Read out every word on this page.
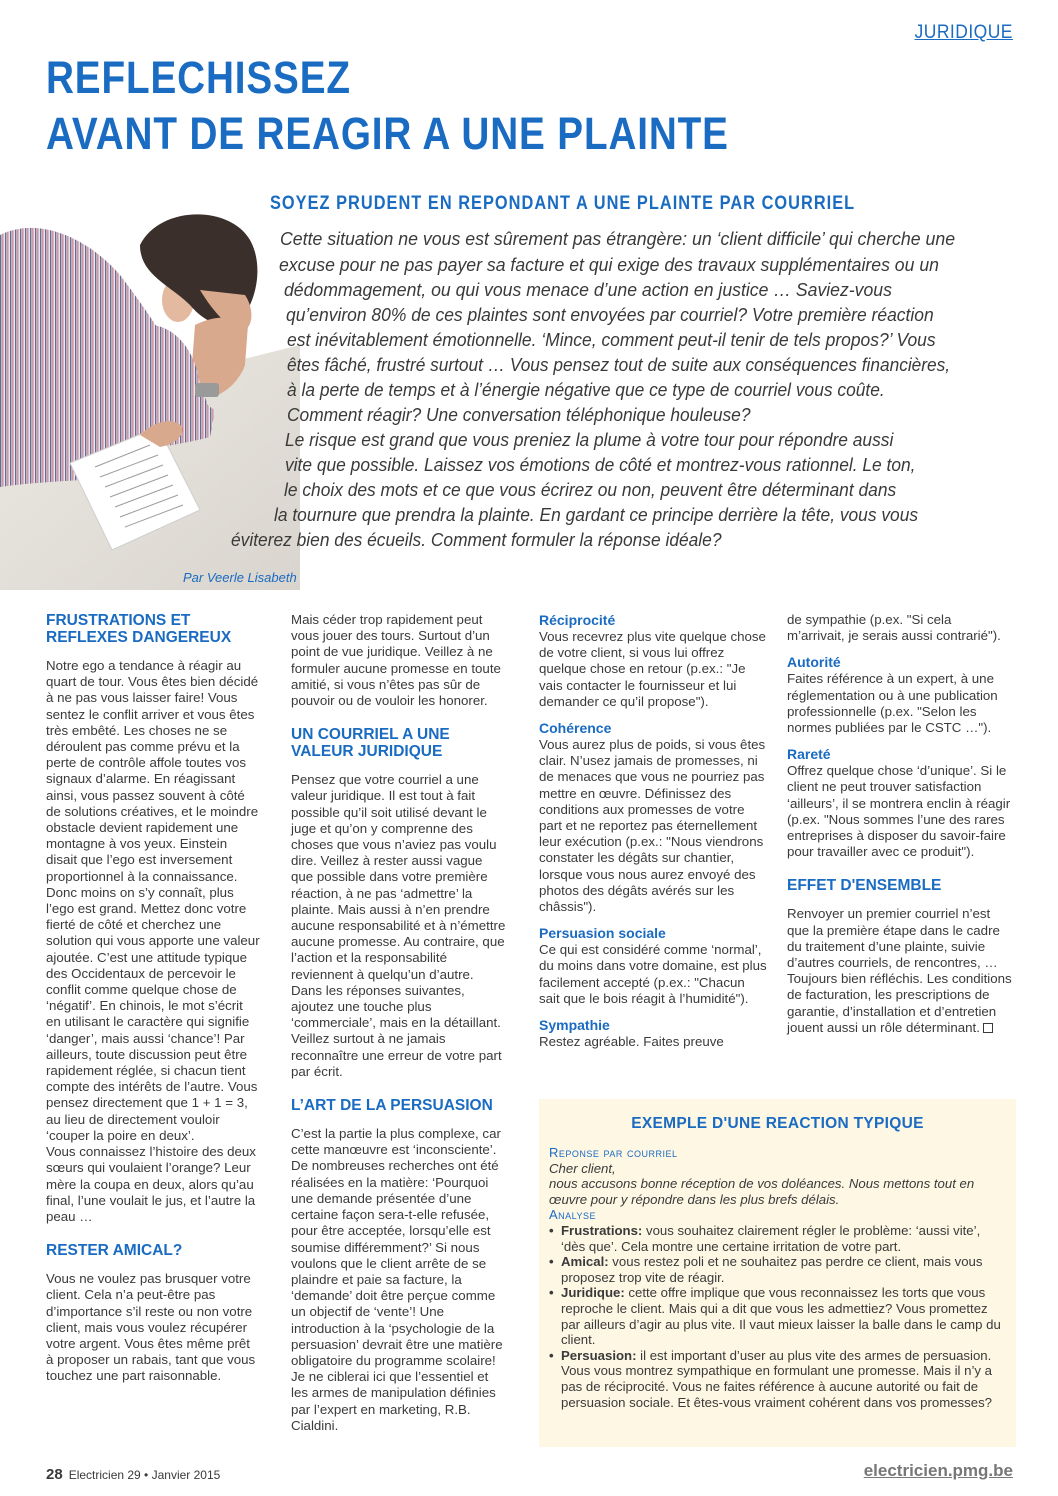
JURIDIQUE
REFLECHISSEZ
AVANT DE REAGIR A UNE PLAINTE
SOYEZ PRUDENT EN REPONDANT A UNE PLAINTE PAR COURRIEL
Cette situation ne vous est sûrement pas étrangère: un ‘client difficile’ qui cherche une
excuse pour ne pas payer sa facture et qui exige des travaux supplémentaires ou un
dédommagement, ou qui vous menace d’une action en justice … Saviez-vous
qu’environ 80% de ces plaintes sont envoyées par courriel? Votre première réaction
est inévitablement émotionnelle. ‘Mince, comment peut-il tenir de tels propos?’ Vous
êtes fâché, frustré surtout … Vous pensez tout de suite aux conséquences financières,
à la perte de temps et à l’énergie négative que ce type de courriel vous coûte.
Comment réagir? Une conversation téléphonique houleuse?
Le risque est grand que vous preniez la plume à votre tour pour répondre aussi
vite que possible. Laissez vos émotions de côté et montrez-vous rationnel. Le ton,
le choix des mots et ce que vous écrirez ou non, peuvent être déterminant dans
la tournure que prendra la plainte. En gardant ce principe derrière la tête, vous vous
éviterez bien des écueils. Comment formuler la réponse idéale?
Par Veerle Lisabeth
FRUSTRATIONS ET REFLEXES DANGEREUX

Notre ego a tendance à réagir au quart de tour. Vous êtes bien décidé à ne pas vous laisser faire! Vous sentez le conflit arriver et vous êtes très embêté. Les choses ne se déroulent pas comme prévu et la perte de contrôle affole toutes vos signaux d’alarme. En réagissant ainsi, vous passez souvent à côté de solutions créatives, et le moindre obstacle devient rapidement une montagne à vos yeux. Einstein disait que l’ego est inversement proportionnel à la connaissance. Donc moins on s’y connaît, plus l’ego est grand. Mettez donc votre fierté de côté et cherchez une solution qui vous apporte une valeur ajoutée. C’est une attitude typique des Occidentaux de percevoir le conflit comme quelque chose de ‘négatif’. En chinois, le mot s’écrit en utilisant le caractère qui signifie ‘danger’, mais aussi ‘chance’! Par ailleurs, toute discussion peut être rapidement réglée, si chacun tient compte des intérêts de l’autre. Vous pensez directement que 1 + 1 = 3, au lieu de directement vouloir ‘couper la poire en deux’.

Vous connaissez l’histoire des deux sœurs qui voulaient l’orange? Leur mère la coupa en deux, alors qu’au final, l’une voulait le jus, et l’autre la peau …

RESTER AMICAL?

Vous ne voulez pas brusquer votre client. Cela n’a peut-être pas d’importance s’il reste ou non votre client, mais vous voulez récupérer votre argent. Vous êtes même prêt à proposer un rabais, tant que vous touchez une part raisonnable.

Mais céder trop rapidement peut vous jouer des tours. Surtout d’un point de vue juridique. Veillez à ne formuler aucune promesse en toute amitié, si vous n’êtes pas sûr de pouvoir ou de vouloir les honorer.

UN COURRIEL A UNE VALEUR JURIDIQUE

Pensez que votre courriel a une valeur juridique. Il est tout à fait possible qu’il soit utilisé devant le juge et qu’on y comprenne des choses que vous n’aviez pas voulu dire. Veillez à rester aussi vague que possible dans votre première réaction, à ne pas ‘admettre’ la plainte. Mais aussi à n’en prendre aucune responsabilité et à n’émettre aucune promesse. Au contraire, que l’action et la responsabilité reviennent à quelqu’un d’autre.

Dans les réponses suivantes, ajoutez une touche plus ‘commerciale’, mais en la détaillant. Veillez surtout à ne jamais reconnaître une erreur de votre part par écrit.

L’ART DE LA PERSUASION

C’est la partie la plus complexe, car cette manœuvre est ‘inconsciente’. De nombreuses recherches ont été réalisées en la matière: ‘Pourquoi une demande présentée d’une certaine façon sera-t-elle refusée, pour être acceptée, lorsqu’elle est soumise différemment?’ Si nous voulons que le client arrête de se plaindre et paie sa facture, la ‘demande’ doit être perçue comme un objectif de ‘vente’! Une introduction à la ‘psychologie de la persuasion’ devrait être une matière obligatoire du programme scolaire! Je ne ciblerai ici que l’essentiel et les armes de manipulation définies par l’expert en marketing, R.B. Cialdini.

Réciprocité

Vous recevrez plus vite quelque chose de votre client, si vous lui offrez quelque chose en retour (p.ex.: "Je vais contacter le fournisseur et lui demander ce qu’il propose").

Cohérence

Vous aurez plus de poids, si vous êtes clair. N’usez jamais de promesses, ni de menaces que vous ne pourriez pas mettre en œuvre. Définissez des conditions aux promesses de votre part et ne reportez pas éternellement leur exécution (p.ex.: "Nous viendrons constater les dégâts sur chantier, lorsque vous nous aurez envoyé des photos des dégâts avérés sur les châssis").

Persuasion sociale

Ce qui est considéré comme ‘normal’, du moins dans votre domaine, est plus facilement accepté (p.ex.: "Chacun sait que le bois réagit à l’humidité").

Sympathie

Restez agréable. Faites preuve

de sympathie (p.ex. "Si cela m’arrivait, je serais aussi contrarié").

Autorité

Faites référence à un expert, à une réglementation ou à une publication professionnelle (p.ex. "Selon les normes publiées par le CSTC …").

Rareté

Offrez quelque chose ‘d’unique’. Si le client ne peut trouver satisfaction ‘ailleurs’, il se montrera enclin à réagir (p.ex. "Nous sommes l’une des rares entreprises à disposer du savoir-faire pour travailler avec ce produit").

EFFET D'ENSEMBLE

Renvoyer un premier courriel n’est que la première étape dans le cadre du traitement d’une plainte, suivie d’autres courriels, de rencontres, … Toujours bien réfléchis. Les conditions de facturation, les prescriptions de garantie, d’installation et d’entretien jouent aussi un rôle déterminant.

EXEMPLE D'UNE REACTION TYPIQUE
Reponse par courriel
Cher client,
nous accusons bonne réception de vos doléances. Nous mettons tout en œuvre pour y répondre dans les plus brefs délais.
Analyse
• Frustrations: vous souhaitez clairement régler le problème: ‘aussi vite’, ‘dès que’. Cela montre une certaine irritation de votre part.
• Amical: vous restez poli et ne souhaitez pas perdre ce client, mais vous proposez trop vite de réagir.
• Juridique: cette offre implique que vous reconnaissez les torts que vous reproche le client. Mais qui a dit que vous les admettiez? Vous promettez par ailleurs d’agir au plus vite. Il vaut mieux laisser la balle dans le camp du client.
• Persuasion: il est important d’user au plus vite des armes de persuasion. Vous vous montrez sympathique en formulant une promesse. Mais il n’y a pas de réciprocité. Vous ne faites référence à aucune autorité ou fait de persuasion sociale. Et êtes-vous vraiment cohérent dans vos promesses?
28 Electricien 29 • Janvier 2015	electricien.pmg.be
